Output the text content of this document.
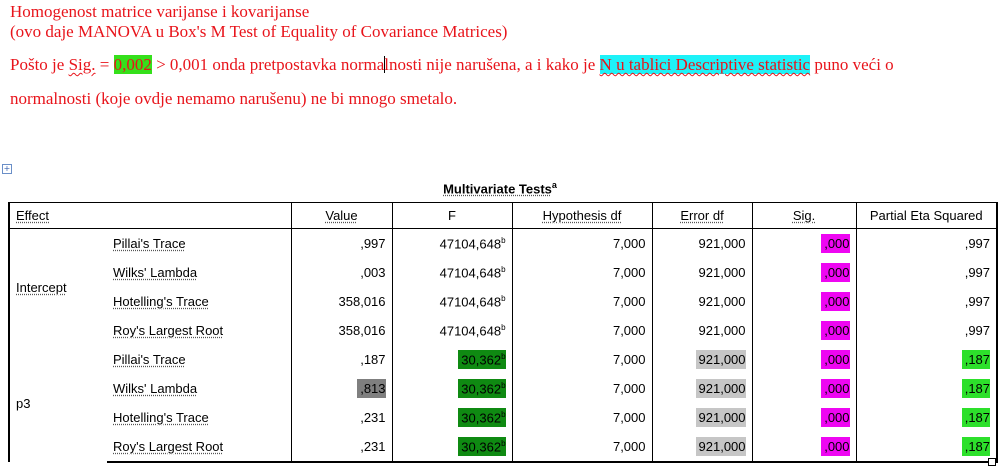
Homogenost matrice varijanse i kovarijanse
(ovo daje MANOVA u Box's M Test of Equality of Covariance Matrices)
Pošto je Sig. = 0,002 > 0,001 onda pretpostavka normalnosti nije narušena, a i kako je N u tablici Descriptive statistic puno veći o
normalnosti (koje ovdje nemamo narušenu) ne bi mnogo smetalo.
+
Multivariate Tests$^a$
Effect		Value	F	Hypothesis df	Error df	Sig.	Partial Eta Squared
Intercept	Pillai's Trace	,997	47104,648$^b$	7,000	921,000	,000	,997
	Wilks' Lambda	,003	47104,648$^b$	7,000	921,000	,000	,997
	Hotelling's Trace	358,016	47104,648$^b$	7,000	921,000	,000	,997
	Roy's Largest Root	358,016	47104,648$^b$	7,000	921,000	,000	,997
p3	Pillai's Trace	,187	30,362$^b$	7,000	921,000	,000	,187
	Wilks' Lambda	,813	30,362$^b$	7,000	921,000	,000	,187
	Hotelling's Trace	,231	30,362$^b$	7,000	921,000	,000	,187
	Roy's Largest Root	,231	30,362$^b$	7,000	921,000	,000	,187
